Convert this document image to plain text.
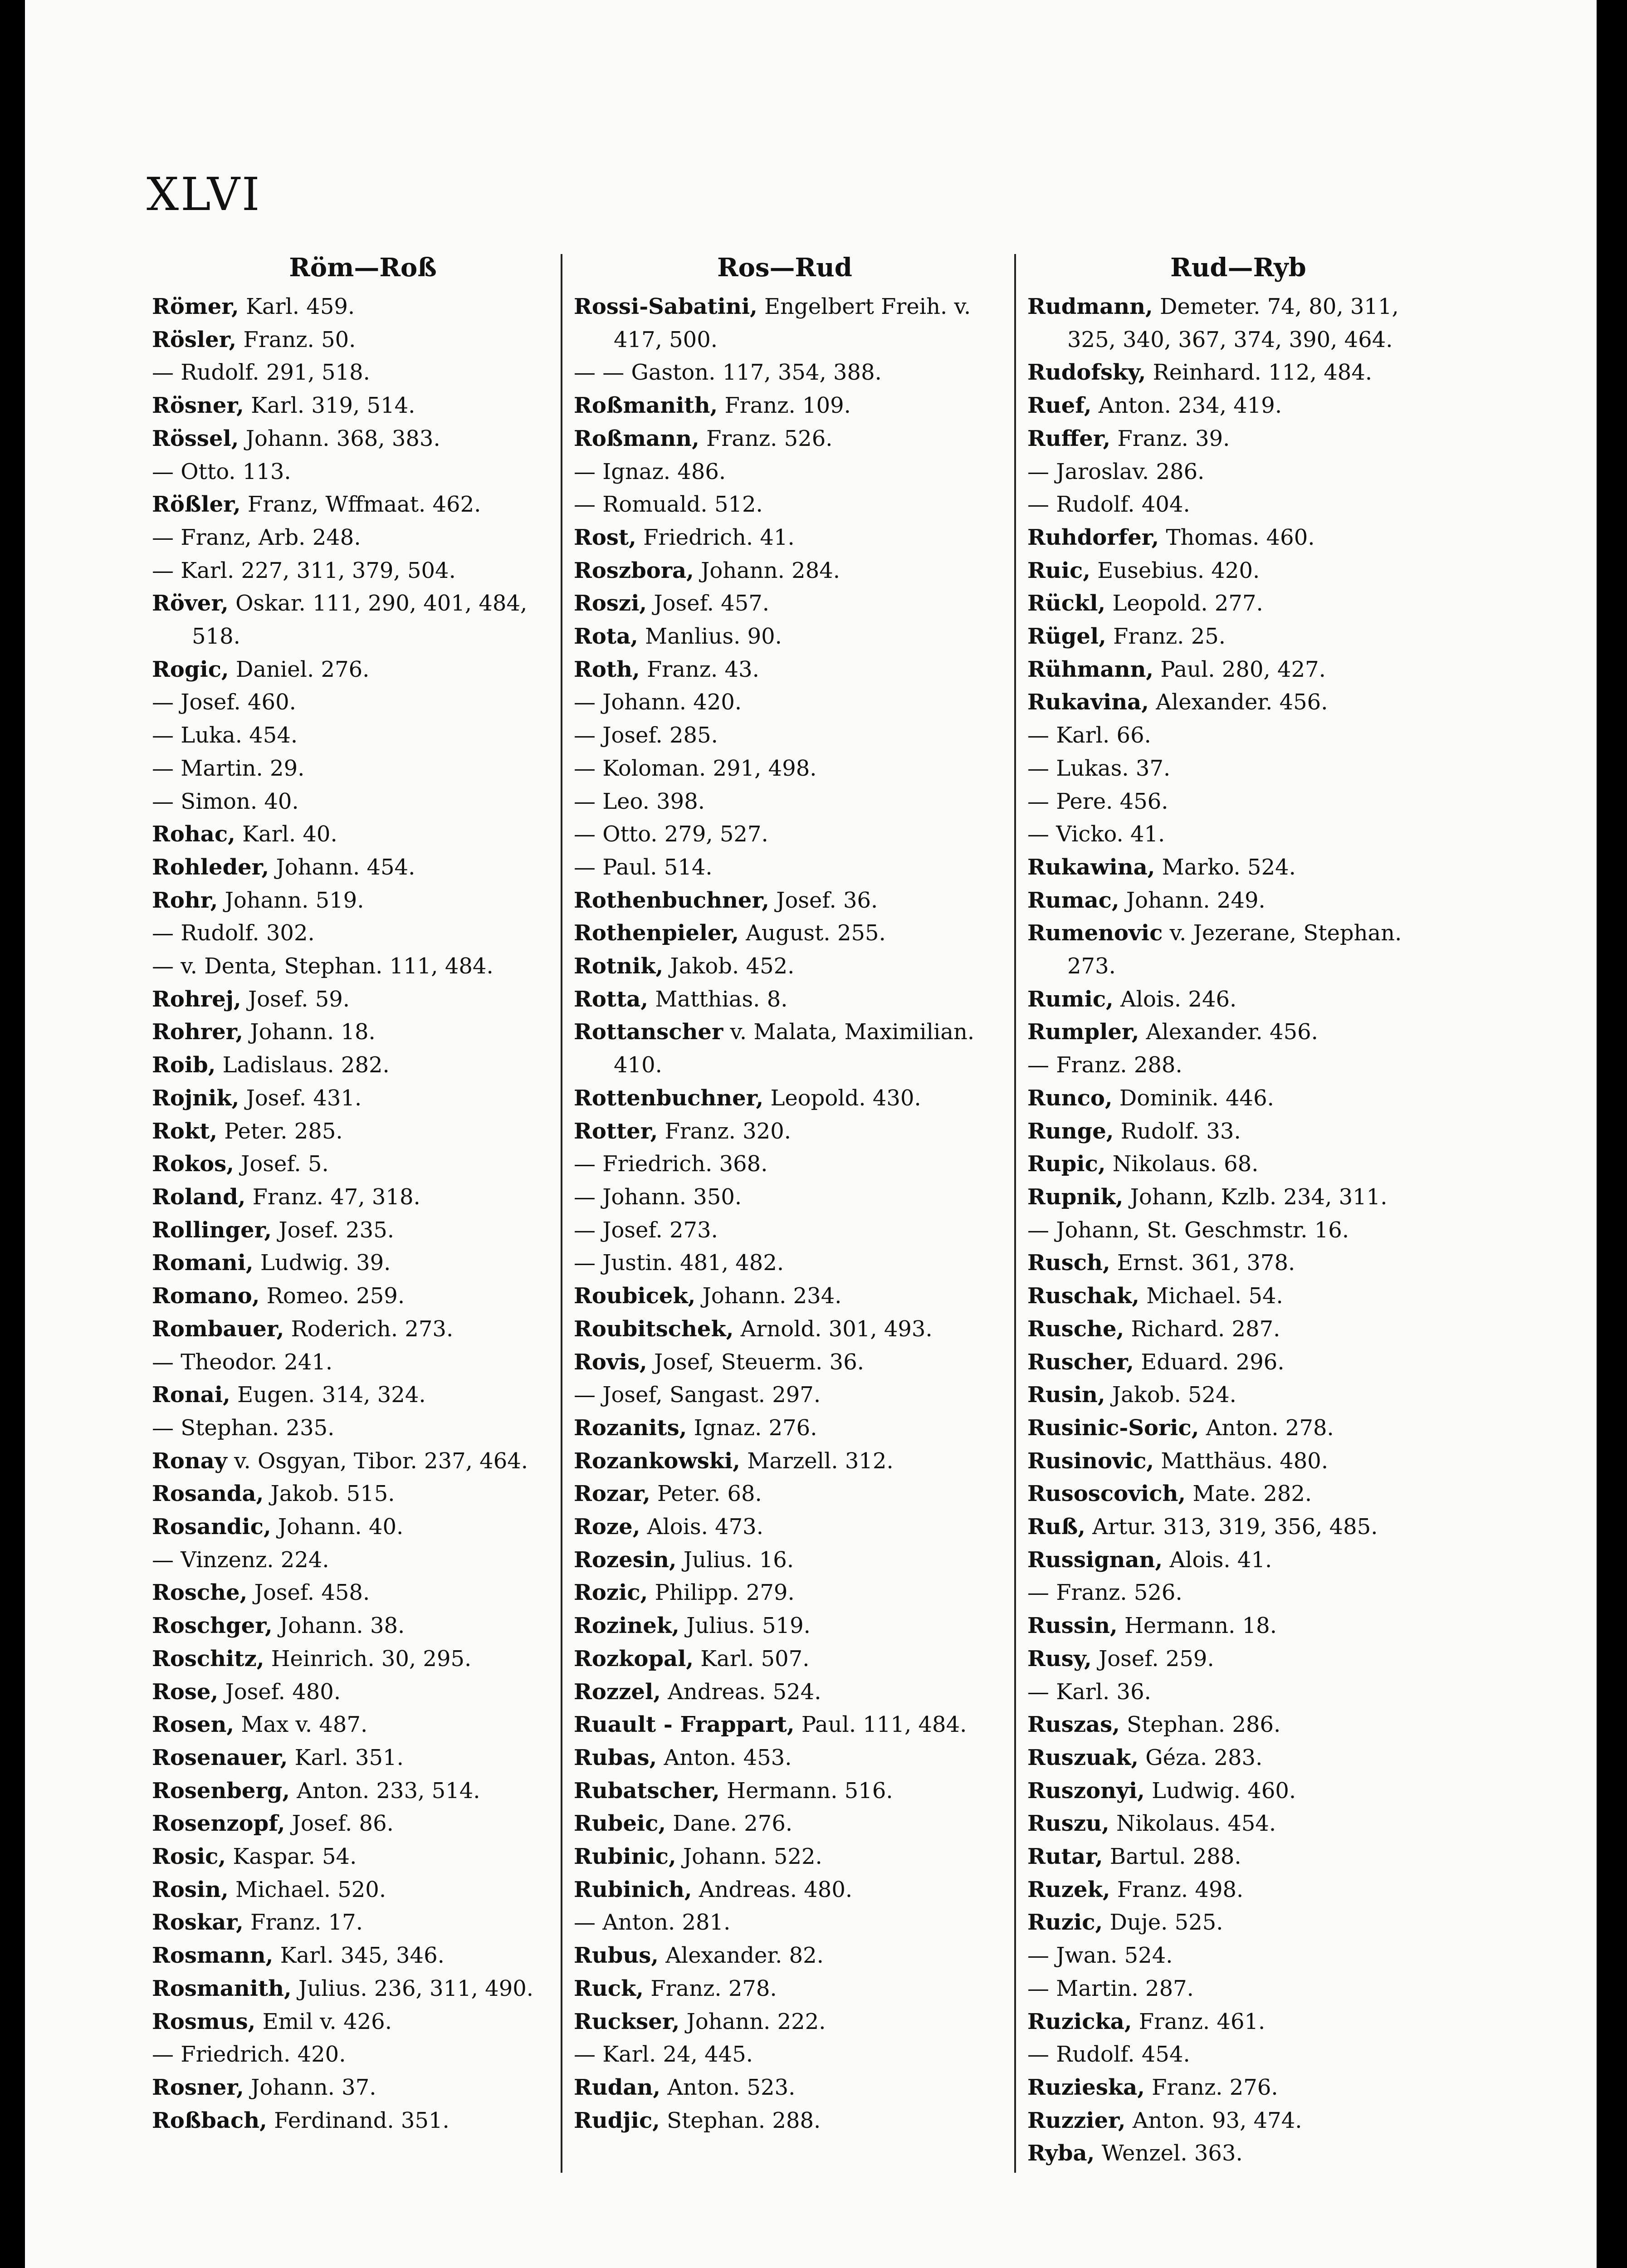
XLVI
Röm—Roß
Römer, Karl. 459.
Rösler, Franz. 50.
— Rudolf. 291, 518.
Rösner, Karl. 319, 514.
Rössel, Johann. 368, 383.
— Otto. 113.
Rößler, Franz, Wffmaat. 462.
— Franz, Arb. 248.
— Karl. 227, 311, 379, 504.
Röver, Oskar. 111, 290, 401, 484, 518.
Rogic, Daniel. 276.
— Josef. 460.
— Luka. 454.
— Martin. 29.
— Simon. 40.
Rohac, Karl. 40.
Rohleder, Johann. 454.
Rohr, Johann. 519.
— Rudolf. 302.
— v. Denta, Stephan. 111, 484.
Rohrej, Josef. 59.
Rohrer, Johann. 18.
Roib, Ladislaus. 282.
Rojnik, Josef. 431.
Rokt, Peter. 285.
Rokos, Josef. 5.
Roland, Franz. 47, 318.
Rollinger, Josef. 235.
Romani, Ludwig. 39.
Romano, Romeo. 259.
Rombauer, Roderich. 273.
— Theodor. 241.
Ronai, Eugen. 314, 324.
— Stephan. 235.
Ronay v. Osgyan, Tibor. 237, 464.
Rosanda, Jakob. 515.
Rosandic, Johann. 40.
— Vinzenz. 224.
Rosche, Josef. 458.
Roschger, Johann. 38.
Roschitz, Heinrich. 30, 295.
Rose, Josef. 480.
Rosen, Max v. 487.
Rosenauer, Karl. 351.
Rosenberg, Anton. 233, 514.
Rosenzopf, Josef. 86.
Rosic, Kaspar. 54.
Rosin, Michael. 520.
Roskar, Franz. 17.
Rosmann, Karl. 345, 346.
Rosmanith, Julius. 236, 311, 490.
Rosmus, Emil v. 426.
— Friedrich. 420.
Rosner, Johann. 37.
Roßbach, Ferdinand. 351.
Ros—Rud
Rossi-Sabatini, Engelbert Freih. v. 417, 500.
— — Gaston. 117, 354, 388.
Roßmanith, Franz. 109.
Roßmann, Franz. 526.
— Ignaz. 486.
— Romuald. 512.
Rost, Friedrich. 41.
Roszbora, Johann. 284.
Roszi, Josef. 457.
Rota, Manlius. 90.
Roth, Franz. 43.
— Johann. 420.
— Josef. 285.
— Koloman. 291, 498.
— Leo. 398.
— Otto. 279, 527.
— Paul. 514.
Rothenbuchner, Josef. 36.
Rothenpieler, August. 255.
Rotnik, Jakob. 452.
Rotta, Matthias. 8.
Rottanscher v. Malata, Maximilian. 410.
Rottenbuchner, Leopold. 430.
Rotter, Franz. 320.
— Friedrich. 368.
— Johann. 350.
— Josef. 273.
— Justin. 481, 482.
Roubicek, Johann. 234.
Roubitschek, Arnold. 301, 493.
Rovis, Josef, Steuerm. 36.
— Josef, Sangast. 297.
Rozanits, Ignaz. 276.
Rozankowski, Marzell. 312.
Rozar, Peter. 68.
Roze, Alois. 473.
Rozesin, Julius. 16.
Rozic, Philipp. 279.
Rozinek, Julius. 519.
Rozkopal, Karl. 507.
Rozzel, Andreas. 524.
Ruault - Frappart, Paul. 111, 484.
Rubas, Anton. 453.
Rubatscher, Hermann. 516.
Rubeic, Dane. 276.
Rubinic, Johann. 522.
Rubinich, Andreas. 480.
— Anton. 281.
Rubus, Alexander. 82.
Ruck, Franz. 278.
Ruckser, Johann. 222.
— Karl. 24, 445.
Rudan, Anton. 523.
Rudjic, Stephan. 288.
Rud—Ryb
Rudmann, Demeter. 74, 80, 311, 325, 340, 367, 374, 390, 464.
Rudofsky, Reinhard. 112, 484.
Ruef, Anton. 234, 419.
Ruffer, Franz. 39.
— Jaroslav. 286.
— Rudolf. 404.
Ruhdorfer, Thomas. 460.
Ruic, Eusebius. 420.
Rückl, Leopold. 277.
Rügel, Franz. 25.
Rühmann, Paul. 280, 427.
Rukavina, Alexander. 456.
— Karl. 66.
— Lukas. 37.
— Pere. 456.
— Vicko. 41.
Rukawina, Marko. 524.
Rumac, Johann. 249.
Rumenovic v. Jezerane, Stephan. 273.
Rumic, Alois. 246.
Rumpler, Alexander. 456.
— Franz. 288.
Runco, Dominik. 446.
Runge, Rudolf. 33.
Rupic, Nikolaus. 68.
Rupnik, Johann, Kzlb. 234, 311.
— Johann, St. Geschmstr. 16.
Rusch, Ernst. 361, 378.
Ruschak, Michael. 54.
Rusche, Richard. 287.
Ruscher, Eduard. 296.
Rusin, Jakob. 524.
Rusinic-Soric, Anton. 278.
Rusinovic, Matthäus. 480.
Rusoscovich, Mate. 282.
Ruß, Artur. 313, 319, 356, 485.
Russignan, Alois. 41.
— Franz. 526.
Russin, Hermann. 18.
Rusy, Josef. 259.
— Karl. 36.
Ruszas, Stephan. 286.
Ruszuak, Géza. 283.
Ruszonyi, Ludwig. 460.
Ruszu, Nikolaus. 454.
Rutar, Bartul. 288.
Ruzek, Franz. 498.
Ruzic, Duje. 525.
— Jwan. 524.
— Martin. 287.
Ruzicka, Franz. 461.
— Rudolf. 454.
Ruzieska, Franz. 276.
Ruzzier, Anton. 93, 474.
Ryba, Wenzel. 363.
